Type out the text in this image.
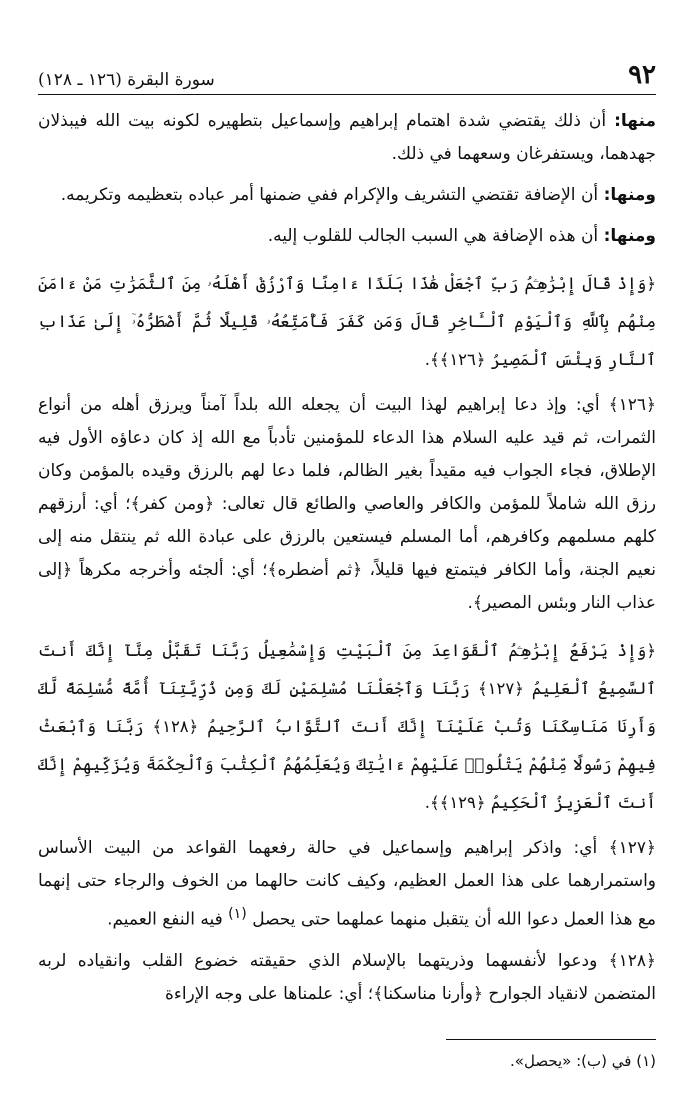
٩٢
سورة البقرة (١٢٦ ـ ١٢٨)

منها: أن ذلك يقتضي شدة اهتمام إبراهيم وإسماعيل بتطهيره لكونه بيت الله فيبذلان جهدهما، ويستفرغان وسعهما في ذلك.

ومنها: أن الإضافة تقتضي التشريف والإكرام ففي ضمنها أمر عباده بتعظيمه وتكريمه.

ومنها: أن هذه الإضافة هي السبب الجالب للقلوب إليه.

﴿وَإِذْ قَالَ إِبْرَٰهِـۧمُ رَبِّ ٱجْعَلْ هَٰذَا بَلَدًا ءَامِنًا وَٱرْزُقْ أَهْلَهُۥ مِنَ ٱلثَّمَرَٰتِ مَنْ ءَامَنَ مِنْهُم بِٱللَّهِ وَٱلْيَوْمِ ٱلْـَٔاخِرِ قَالَ وَمَن كَفَرَ فَأُمَتِّعُهُۥ قَلِيلًا ثُمَّ أَضْطَرُّهُۥٓ إِلَىٰ عَذَابِ ٱلنَّارِ وَبِئْسَ ٱلْمَصِيرُ ﴿١٢٦﴾﴾.

﴿١٢٦﴾ أي: وإذ دعا إبراهيم لهذا البيت أن يجعله الله بلداً آمناً ويرزق أهله من أنواع الثمرات، ثم قيد عليه السلام هذا الدعاء للمؤمنين تأدباً مع الله إذ كان دعاؤه الأول فيه الإطلاق، فجاء الجواب فيه مقيداً بغير الظالم، فلما دعا لهم بالرزق وقيده بالمؤمن وكان رزق الله شاملاً للمؤمن والكافر والعاصي والطائع قال تعالى: ﴿ومن كفر﴾؛ أي: أرزقهم كلهم مسلمهم وكافرهم، أما المسلم فيستعين بالرزق على عبادة الله ثم ينتقل منه إلى نعيم الجنة، وأما الكافر فيتمتع فيها قليلاً، ﴿ثم أضطره﴾؛ أي: ألجئه وأخرجه مكرهاً ﴿إلى عذاب النار وبئس المصير﴾.

﴿وَإِذْ يَرْفَعُ إِبْرَٰهِـۧمُ ٱلْقَوَاعِدَ مِنَ ٱلْبَيْتِ وَإِسْمَٰعِيلُ رَبَّنَا تَقَبَّلْ مِنَّآ إِنَّكَ أَنتَ ٱلسَّمِيعُ ٱلْعَلِيمُ ﴿١٢٧﴾ رَبَّنَا وَٱجْعَلْنَا مُسْلِمَيْنِ لَكَ وَمِن ذُرِّيَّتِنَآ أُمَّةً مُّسْلِمَةً لَّكَ وَأَرِنَا مَنَاسِكَنَا وَتُبْ عَلَيْنَآ إِنَّكَ أَنتَ ٱلتَّوَّابُ ٱلرَّحِيمُ ﴿١٢٨﴾ رَبَّنَا وَٱبْعَثْ فِيهِمْ رَسُولًا مِّنْهُمْ يَتْلُوا۟ عَلَيْهِمْ ءَايَٰتِكَ وَيُعَلِّمُهُمُ ٱلْكِتَٰبَ وَٱلْحِكْمَةَ وَيُزَكِّيهِمْ إِنَّكَ أَنتَ ٱلْعَزِيزُ ٱلْحَكِيمُ ﴿١٢٩﴾﴾.

﴿١٢٧﴾ أي: واذكر إبراهيم وإسماعيل في حالة رفعهما القواعد من البيت الأساس واستمرارهما على هذا العمل العظيم، وكيف كانت حالهما من الخوف والرجاء حتى إنهما مع هذا العمل دعوا الله أن يتقبل منهما عملهما حتى يحصل $^{(١)}$ فيه النفع العميم.

﴿١٢٨﴾ ودعوا لأنفسهما وذريتهما بالإسلام الذي حقيقته خضوع القلب وانقياده لربه المتضمن لانقياد الجوارح ﴿وأرنا مناسكنا﴾؛ أي: علمناها على وجه الإراءة

(١) في (ب): «يحصل».
